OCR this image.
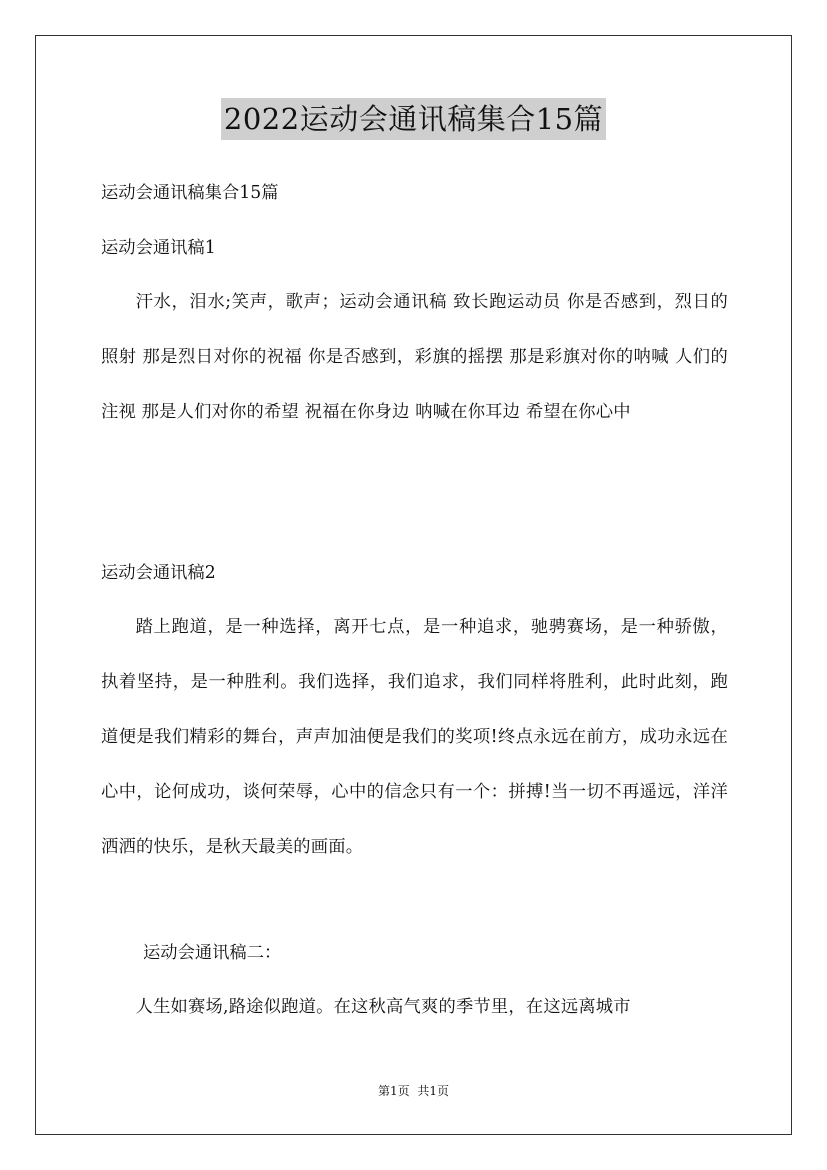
2022运动会通讯稿集合15篇
运动会通讯稿集合15篇
运动会通讯稿1
汗水，泪水;笑声，歌声；运动会通讯稿 致长跑运动员 你是否感到，烈日的照射 那是烈日对你的祝福 你是否感到，彩旗的摇摆 那是彩旗对你的呐喊 人们的注视 那是人们对你的希望 祝福在你身边 呐喊在你耳边 希望在你心中
运动会通讯稿2
踏上跑道，是一种选择，离开七点，是一种追求，驰骋赛场，是一种骄傲，执着坚持，是一种胜利。我们选择，我们追求，我们同样将胜利，此时此刻，跑道便是我们精彩的舞台，声声加油便是我们的奖项!终点永远在前方，成功永远在心中，论何成功，谈何荣辱，心中的信念只有一个：拼搏!当一切不再遥远，洋洋洒洒的快乐，是秋天最美的画面。
运动会通讯稿二：
人生如赛场,路途似跑道。在这秋高气爽的季节里，在这远离城市
第1页 共1页
